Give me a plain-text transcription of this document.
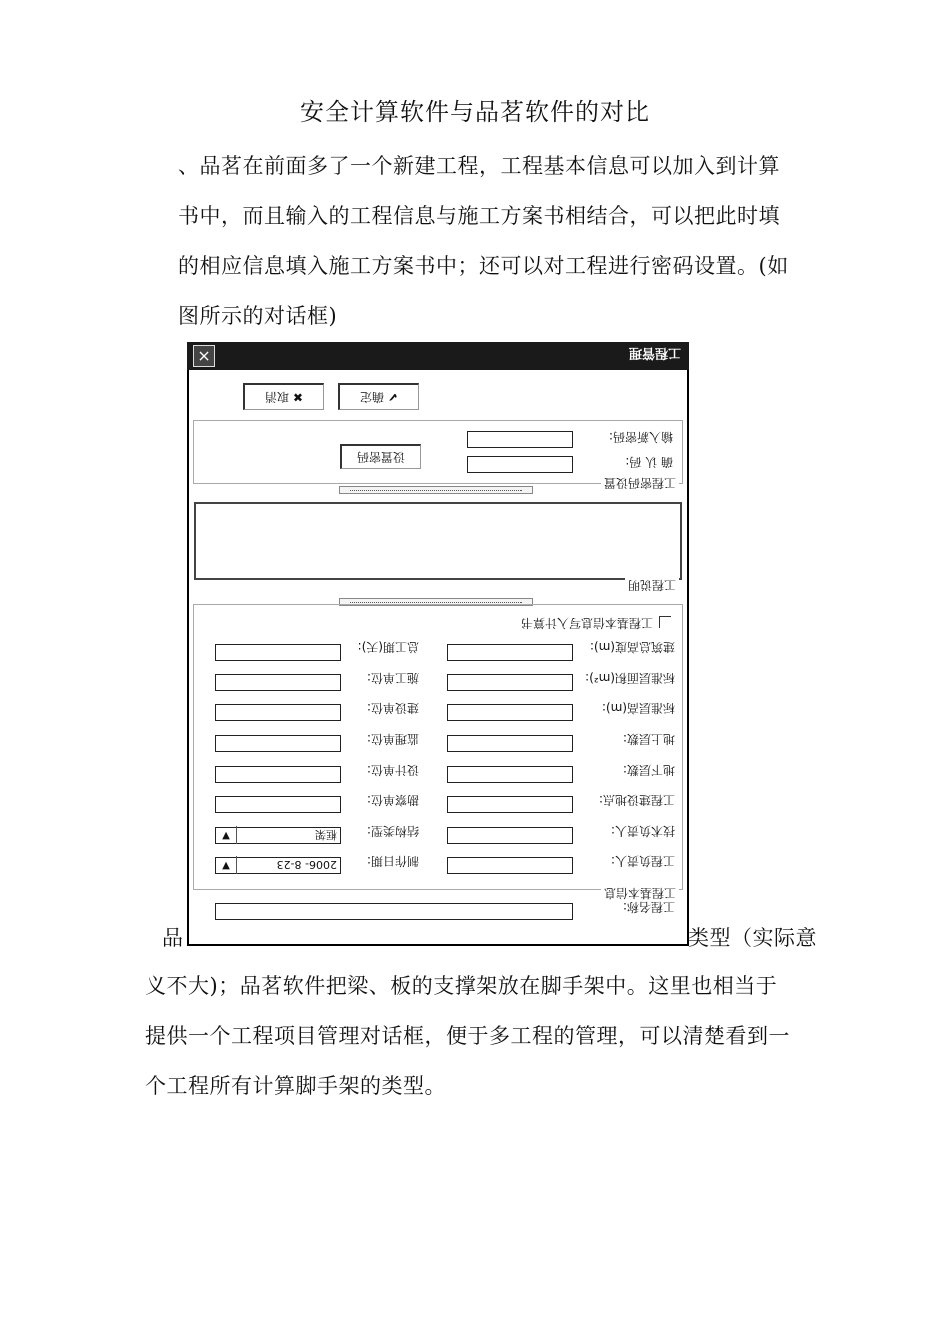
安全计算软件与品茗软件的对比
、品茗在前面多了一个新建工程，工程基本信息可以加入到计算
书中，而且输入的工程信息与施工方案书相结合，可以把此时填
的相应信息填入施工方案书中；还可以对工程进行密码设置。(如
图所示的对话框)
工程管理
×
✔确定
✖取消
工程密码设置
输入新密码:
确 认 码:
设置密码
工程说明
工程基本信息
工程基本信息写入计算书
建筑总高度(m):
标准层面积(m²):
标准层高(m):
地上层数:
地下层数:
工程建设地点:
技术负责人:
工程负责人:
总工期(天):
施工单位:
建设单位:
监理单位:
设计单位:
勘察单位:
结构类型:
框架
▼
制作日期:
2006- 8-23
▼
工程名称:
品	类型（实际意
义不大)；品茗软件把梁、板的支撑架放在脚手架中。这里也相当于
提供一个工程项目管理对话框，便于多工程的管理，可以清楚看到一
个工程所有计算脚手架的类型。
